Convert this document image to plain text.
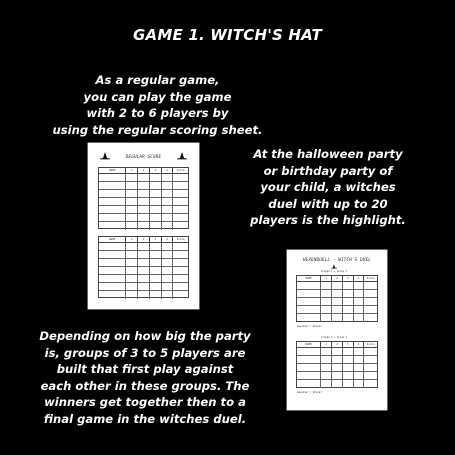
GAME 1. WITCH'S HAT
As a regular game,
you can play the game
with 2 to 6 players by
using the regular scoring sheet.
At the halloween party
or birthday party of
your child, a witches
duel with up to 20
players is the highlight.
Depending on how big the party
is, groups of 3 to 5 players are
built that first play against
each other in these groups. The
winners get together then to a
final game in the witches duel.
REGULAR SCORE
NAME	1	2	3	4	Score
NAME	1	2	3	4	Score
HEXENDUELL · WITCH'S DUEL
Gruppe 1 ★ Group 1
NAME	1	2	3	4	Score
Gewinner / Winner:
Gruppe 2 ★ Group 2
NAME	1	2	3	4	Score
Gewinner / Winner:
